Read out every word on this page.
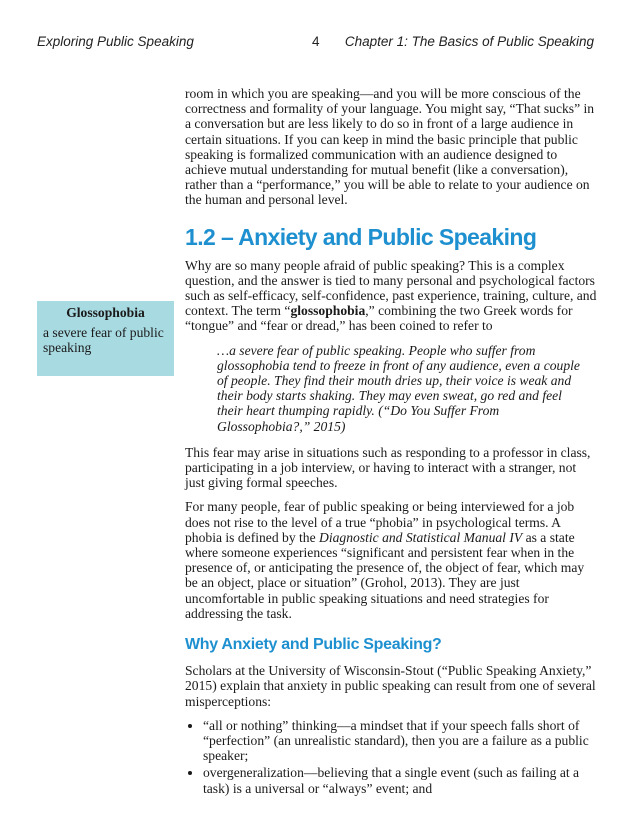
Exploring Public Speaking	4 Chapter 1: The Basics of Public Speaking
Glossophobia
a severe fear of public speaking

room in which you are speaking—and you will be more conscious of the correctness and formality of your language. You might say, “That sucks” in a conversation but are less likely to do so in front of a large audience in certain situations. If you can keep in mind the basic principle that public speaking is formalized communication with an audience designed to achieve mutual understanding for mutual benefit (like a conversation), rather than a “performance,” you will be able to relate to your audience on the human and personal level.

1.2 – Anxiety and Public Speaking

Why are so many people afraid of public speaking? This is a complex question, and the answer is tied to many personal and psychological factors such as self-efficacy, self-confidence, past experience, training, culture, and context. The term “glossophobia,” combining the two Greek words for “tongue” and “fear or dread,” has been coined to refer to

…a severe fear of public speaking. People who suffer from glossophobia tend to freeze in front of any audience, even a couple of people. They find their mouth dries up, their voice is weak and their body starts shaking. They may even sweat, go red and feel their heart thumping rapidly. (“Do You Suffer From Glossophobia?,” 2015)

This fear may arise in situations such as responding to a professor in class, participating in a job interview, or having to interact with a stranger, not just giving formal speeches.

For many people, fear of public speaking or being interviewed for a job does not rise to the level of a true “phobia” in psychological terms. A phobia is defined by the Diagnostic and Statistical Manual IV as a state where someone experiences “significant and persistent fear when in the presence of, or anticipating the presence of, the object of fear, which may be an object, place or situation” (Grohol, 2013). They are just uncomfortable in public speaking situations and need strategies for addressing the task.

Why Anxiety and Public Speaking?

Scholars at the University of Wisconsin-Stout (“Public Speaking Anxiety,” 2015) explain that anxiety in public speaking can result from one of several misperceptions:

• “all or nothing” thinking—a mindset that if your speech falls short of “perfection” (an unrealistic standard), then you are a failure as a public speaker;
• overgeneralization—believing that a single event (such as failing at a task) is a universal or “always” event; and
